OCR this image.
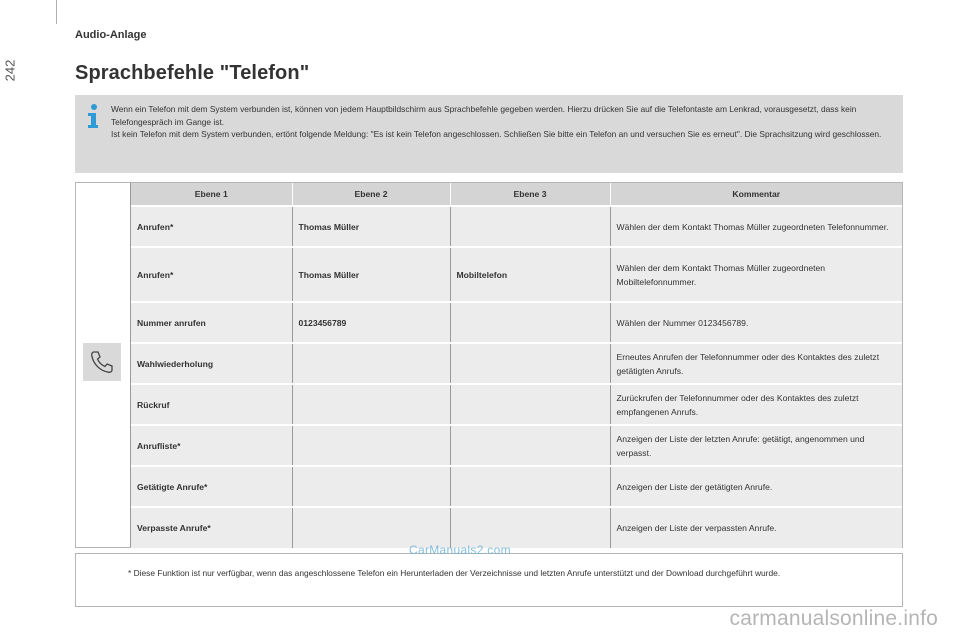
242
Audio-Anlage
Sprachbefehle "Telefon"

Wenn ein Telefon mit dem System verbunden ist, können von jedem Hauptbildschirm aus Sprachbefehle gegeben werden. Hierzu drücken Sie auf die Telefontaste am Lenkrad, vorausgesetzt, dass kein Telefongespräch im Gange ist.

Ist kein Telefon mit dem System verbunden, ertönt folgende Meldung: "Es ist kein Telefon angeschlossen. Schließen Sie bitte ein Telefon an und versuchen Sie es erneut". Die Sprachsitzung wird geschlossen.

Ebene 1	Ebene 2	Ebene 3	Kommentar
Anrufen*	Thomas Müller		Wählen der dem Kontakt Thomas Müller zugeordneten Telefonnummer.
Anrufen*	Thomas Müller	Mobiltelefon	Wählen der dem Kontakt Thomas Müller zugeordneten Mobiltelefonnummer.
Nummer anrufen	0123456789		Wählen der Nummer 0123456789.
Wahlwiederholung			Erneutes Anrufen der Telefonnummer oder des Kontaktes des zuletzt getätigten Anrufs.
Rückruf			Zurückrufen der Telefonnummer oder des Kontaktes des zuletzt empfangenen Anrufs.
Anrufliste*			Anzeigen der Liste der letzten Anrufe: getätigt, angenommen und verpasst.
Getätigte Anrufe*			Anzeigen der Liste der getätigten Anrufe.
Verpasste Anrufe*			Anzeigen der Liste der verpassten Anrufe.
* Diese Funktion ist nur verfügbar, wenn das angeschlossene Telefon ein Herunterladen der Verzeichnisse und letzten Anrufe unterstützt und der Download durchgeführt wurde.
CarManuals2.com
carmanualsonline.info
